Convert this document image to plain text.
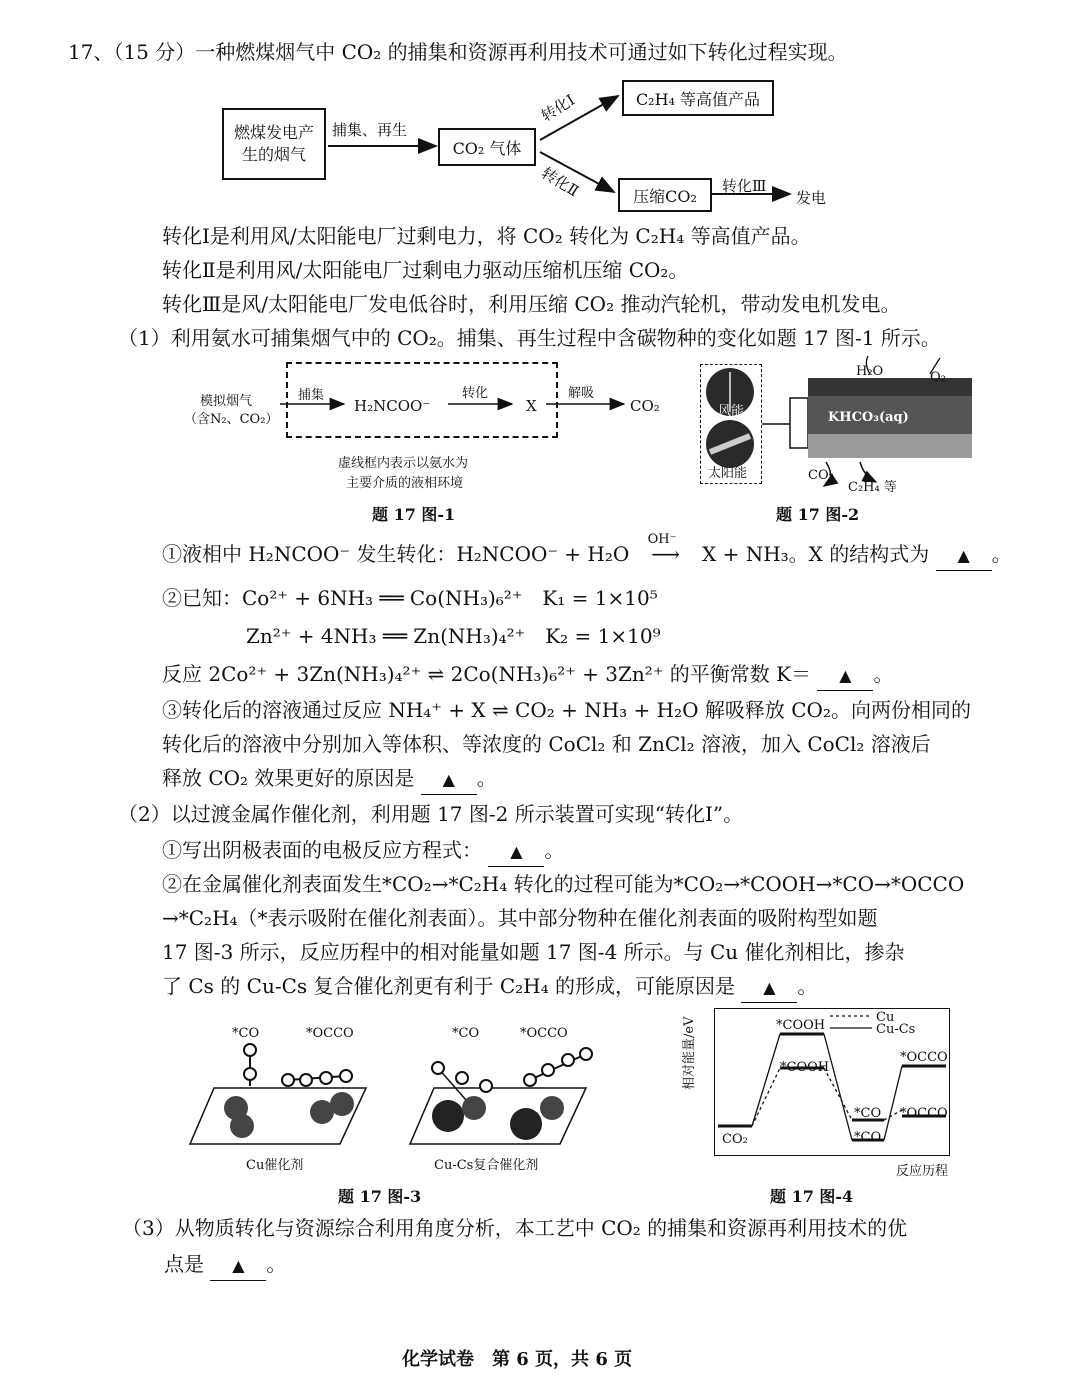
17、（15 分）一种燃煤烟气中 CO₂ 的捕集和资源再利用技术可通过如下转化过程实现。
燃煤发电产生的烟气
捕集、再生
CO₂ 气体
转化Ⅰ
转化Ⅱ
C₂H₄ 等高值产品
压缩CO₂
转化Ⅲ
发电
转化Ⅰ是利用风/太阳能电厂过剩电力，将 CO₂ 转化为 C₂H₄ 等高值产品。
转化Ⅱ是利用风/太阳能电厂过剩电力驱动压缩机压缩 CO₂。
转化Ⅲ是风/太阳能电厂发电低谷时，利用压缩 CO₂ 推动汽轮机，带动发电机发电。
（1）利用氨水可捕集烟气中的 CO₂。捕集、再生过程中含碳物种的变化如题 17 图-1 所示。
模拟烟气
（含N₂、CO₂）
捕集
H₂NCOO⁻
转化
X
解吸
CO₂
虚线框内表示以氨水为
主要介质的液相环境
题 17 图-1
风能
太阳能
H₂O	O₂
KHCO₃(aq)
CO₂
C₂H₄ 等
题 17 图-2
①液相中 H₂NCOO⁻ 发生转化：H₂NCOO⁻ + H₂O
OH⁻
⟶ X + NH₃。X 的结构式为 ▲ 。
②已知：Co²⁺ + 6NH₃ ══ Co(NH₃)₆²⁺　K₁ = 1×10⁵
Zn²⁺ + 4NH₃ ══ Zn(NH₃)₄²⁺　K₂ = 1×10⁹
反应 2Co²⁺ + 3Zn(NH₃)₄²⁺ ⇌ 2Co(NH₃)₆²⁺ + 3Zn²⁺ 的平衡常数 K＝ ▲ 。
③转化后的溶液通过反应 NH₄⁺ + X ⇌ CO₂ + NH₃ + H₂O 解吸释放 CO₂。向两份相同的
转化后的溶液中分别加入等体积、等浓度的 CoCl₂ 和 ZnCl₂ 溶液，加入 CoCl₂ 溶液后
释放 CO₂ 效果更好的原因是 ▲ 。
（2）以过渡金属作催化剂，利用题 17 图-2 所示装置可实现“转化Ⅰ”。
①写出阴极表面的电极反应方程式： ▲ 。
②在金属催化剂表面发生*CO₂→*C₂H₄ 转化的过程可能为*CO₂→*COOH→*CO→*OCCO
→*C₂H₄（*表示吸附在催化剂表面）。其中部分物种在催化剂表面的吸附构型如题
17 图-3 所示，反应历程中的相对能量如题 17 图-4 所示。与 Cu 催化剂相比，掺杂
了 Cs 的 Cu-Cs 复合催化剂更有利于 C₂H₄ 的形成，可能原因是 ▲ 。
*CO	*OCCO
Cu催化剂
*CO	*OCCO
Cu-Cs复合催化剂
题 17 图-3
Cu
Cu-Cs
相对能量/eV
CO₂
*COOH
*COOH
*CO
*CO
*OCCO
*OCCO
反应历程
题 17 图-4
（3）从物质转化与资源综合利用角度分析，本工艺中 CO₂ 的捕集和资源再利用技术的优
点是 ▲ 。
化学试卷　第 6 页，共 6 页
